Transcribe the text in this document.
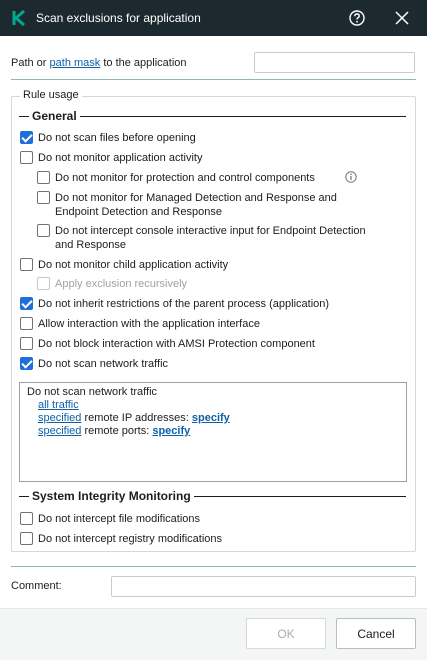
Scan exclusions for application
Path or path mask to the application
Rule usage
General
Do not scan files before opening
Do not monitor application activity
Do not monitor for protection and control components
Do not monitor for Managed Detection and Response and
Endpoint Detection and Response
Do not intercept console interactive input for Endpoint Detection
and Response
Do not monitor child application activity
Apply exclusion recursively
Do not inherit restrictions of the parent process (application)
Allow interaction with the application interface
Do not block interaction with AMSI Protection component
Do not scan network traffic
Do not scan network traffic
all traffic
specified remote IP addresses: specify
specified remote ports: specify
System Integrity Monitoring
Do not intercept file modifications
Do not intercept registry modifications
Comment:
OK	Cancel
